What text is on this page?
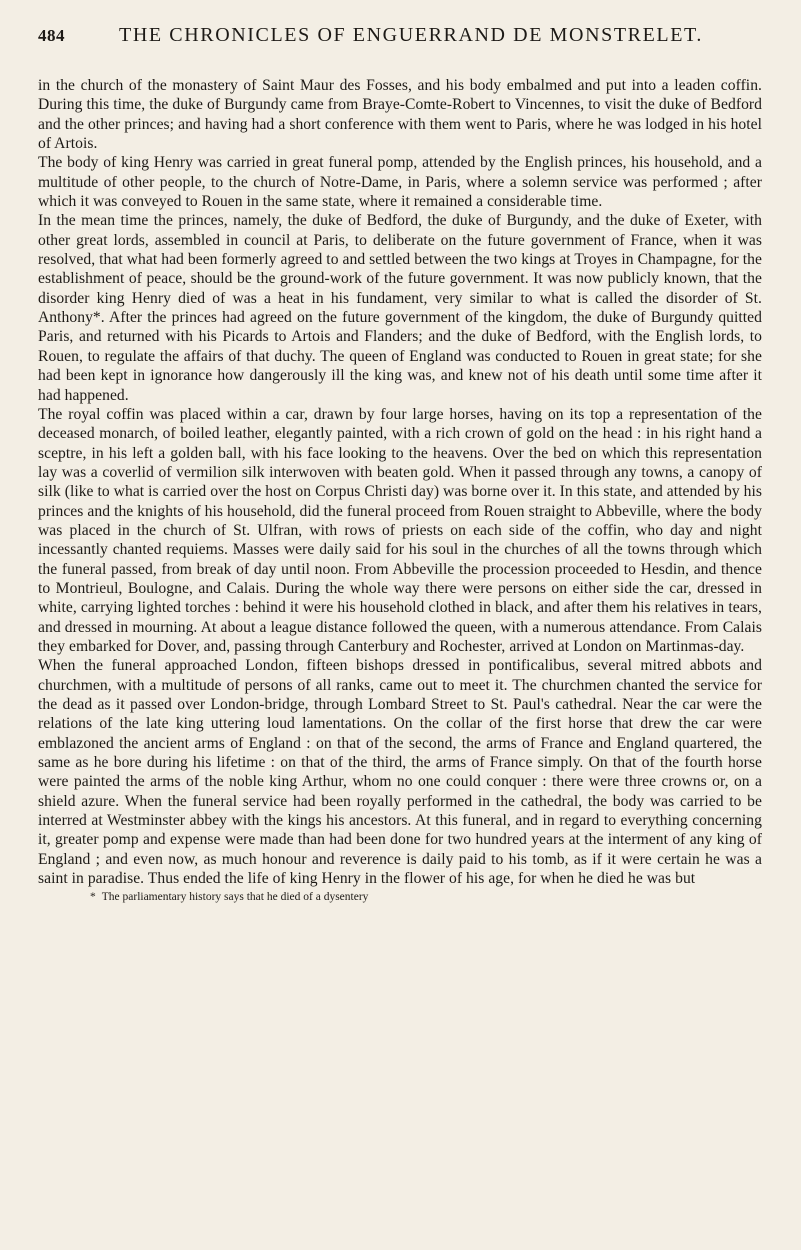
484	THE CHRONICLES OF ENGUERRAND DE MONSTRELET.

in the church of the monastery of Saint Maur des Fosses, and his body embalmed and put into a leaden coffin. During this time, the duke of Burgundy came from Braye-Comte-Robert to Vincennes, to visit the duke of Bedford and the other princes; and having had a short conference with them went to Paris, where he was lodged in his hotel of Artois.

The body of king Henry was carried in great funeral pomp, attended by the English princes, his household, and a multitude of other people, to the church of Notre-Dame, in Paris, where a solemn service was performed ; after which it was conveyed to Rouen in the same state, where it remained a considerable time.

In the mean time the princes, namely, the duke of Bedford, the duke of Burgundy, and the duke of Exeter, with other great lords, assembled in council at Paris, to deliberate on the future government of France, when it was resolved, that what had been formerly agreed to and settled between the two kings at Troyes in Champagne, for the establishment of peace, should be the ground-work of the future government. It was now publicly known, that the disorder king Henry died of was a heat in his fundament, very similar to what is called the disorder of St. Anthony*. After the princes had agreed on the future government of the kingdom, the duke of Burgundy quitted Paris, and returned with his Picards to Artois and Flanders; and the duke of Bedford, with the English lords, to Rouen, to regulate the affairs of that duchy. The queen of England was conducted to Rouen in great state; for she had been kept in ignorance how dangerously ill the king was, and knew not of his death until some time after it had happened.

The royal coffin was placed within a car, drawn by four large horses, having on its top a representation of the deceased monarch, of boiled leather, elegantly painted, with a rich crown of gold on the head : in his right hand a sceptre, in his left a golden ball, with his face looking to the heavens. Over the bed on which this representation lay was a coverlid of vermilion silk interwoven with beaten gold. When it passed through any towns, a canopy of silk (like to what is carried over the host on Corpus Christi day) was borne over it. In this state, and attended by his princes and the knights of his household, did the funeral proceed from Rouen straight to Abbeville, where the body was placed in the church of St. Ulfran, with rows of priests on each side of the coffin, who day and night incessantly chanted requiems. Masses were daily said for his soul in the churches of all the towns through which the funeral passed, from break of day until noon. From Abbeville the procession proceeded to Hesdin, and thence to Montrieul, Boulogne, and Calais. During the whole way there were persons on either side the car, dressed in white, carrying lighted torches : behind it were his household clothed in black, and after them his relatives in tears, and dressed in mourning. At about a league distance followed the queen, with a numerous attendance. From Calais they embarked for Dover, and, passing through Canterbury and Rochester, arrived at London on Martinmas-day.

When the funeral approached London, fifteen bishops dressed in pontificalibus, several mitred abbots and churchmen, with a multitude of persons of all ranks, came out to meet it. The churchmen chanted the service for the dead as it passed over London-bridge, through Lombard Street to St. Paul's cathedral. Near the car were the relations of the late king uttering loud lamentations. On the collar of the first horse that drew the car were emblazoned the ancient arms of England : on that of the second, the arms of France and England quartered, the same as he bore during his lifetime : on that of the third, the arms of France simply. On that of the fourth horse were painted the arms of the noble king Arthur, whom no one could conquer : there were three crowns or, on a shield azure. When the funeral service had been royally performed in the cathedral, the body was carried to be interred at Westminster abbey with the kings his ancestors. At this funeral, and in regard to everything concerning it, greater pomp and expense were made than had been done for two hundred years at the interment of any king of England ; and even now, as much honour and reverence is daily paid to his tomb, as if it were certain he was a saint in paradise. Thus ended the life of king Henry in the flower of his age, for when he died he was but

* The parliamentary history says that he died of a dysentery
